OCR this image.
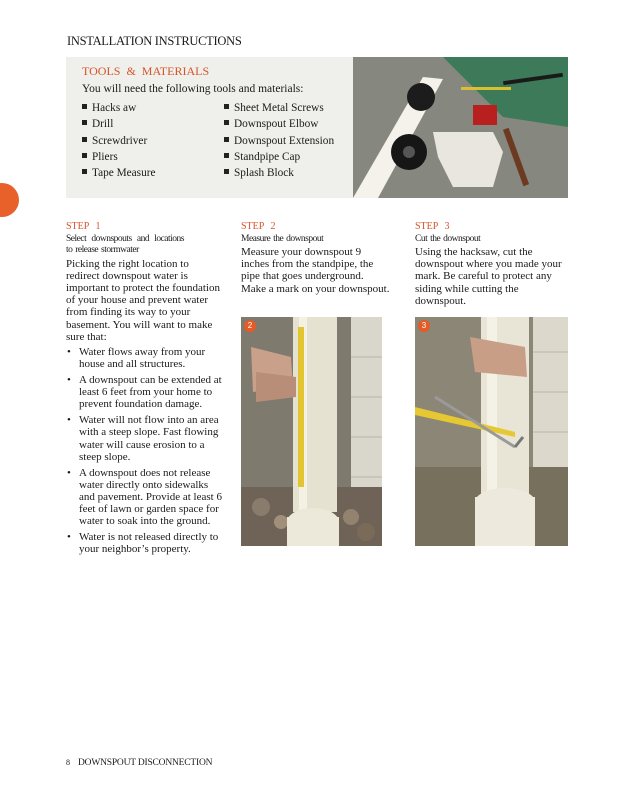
INSTALLATION INSTRUCTIONS
TOOLS & MATERIALS
You will need the following tools and materials:
Hacks aw
Drill
Screwdriver
Pliers
Tape Measure
Sheet Metal Screws
Downspout Elbow
Downspout Extension
Standpipe Cap
Splash Block
STEP 1
Select downspouts and locations to release stormwater
Picking the right location to redirect downspout water is important to protect the foundation of your house and prevent water from finding its way to your basement. You will want to make sure that:
• Water flows away from your house and all structures.
• A downspout can be extended at least 6 feet from your home to prevent foundation damage.
• Water will not flow into an area with a steep slope. Fast flowing water will cause erosion to a steep slope.
• A downspout does not release water directly onto sidewalks and pavement. Provide at least 6 feet of lawn or garden space for water to soak into the ground.
• Water is not released directly to your neighbor’s property.
STEP 2
Measure the downspout
Measure your downspout 9 inches from the standpipe, the pipe that goes underground. Make a mark on your downspout.
2
STEP 3
Cut the downspout
Using the hacksaw, cut the downspout where you made your mark. Be careful to protect any siding while cutting the downspout.
3
8 DOWNSPOUT DISCONNECTION
